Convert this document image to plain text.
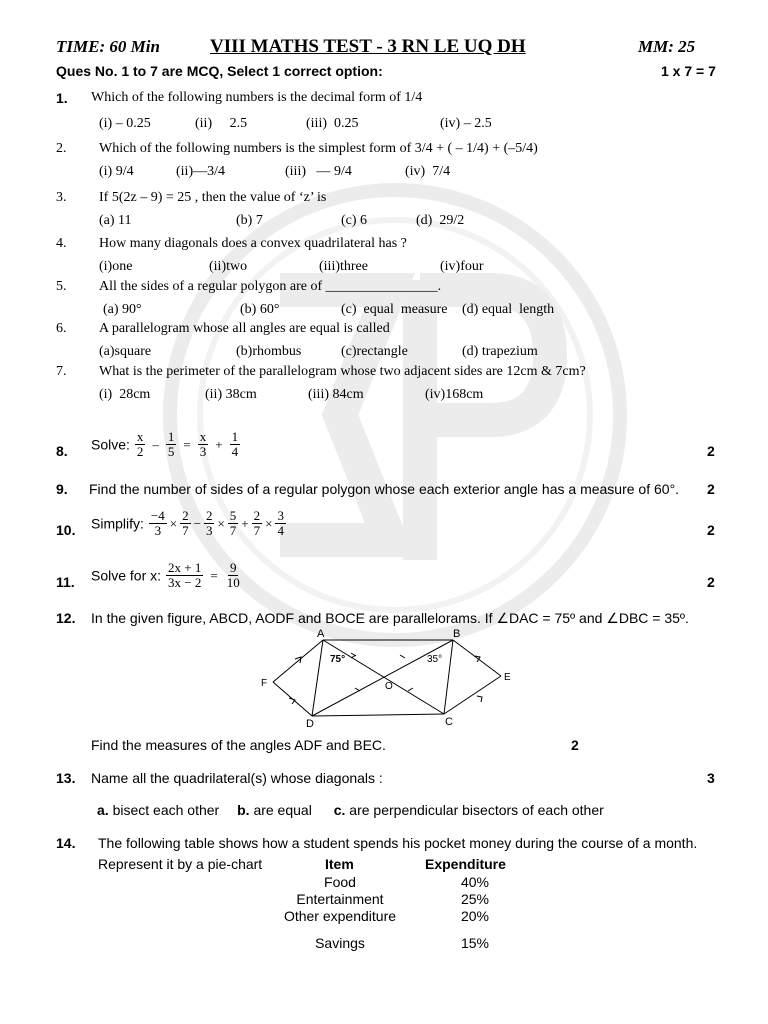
TIME: 60 Min	VIII MATHS TEST - 3 RN LE UQ DH	MM: 25
Ques No. 1 to 7 are MCQ, Select 1 correct option:	1 x 7 = 7
1. Which of the following numbers is the decimal form of 1/4
(i) – 0.25	(ii)     2.5	(iii)  0.25	(iv) – 2.5
2. Which of the following numbers is the simplest form of 3/4 + ( – 1/4) + (–5/4)
(i) 9/4	(ii)—3/4	(iii)   — 9/4	(iv)  7/4
3. If 5(2z – 9) = 25 , then the value of ‘z’ is
(a) 11	(b) 7	(c) 6	(d)  29/2
4. How many diagonals does a convex quadrilateral has ?
(i)one	(ii)two	(iii)three	(iv)four
5. All the sides of a regular polygon are of ________________.
(a) 90°	(b) 60°	(c)  equal  measure (d) equal  length
6. A parallelogram whose all angles are equal is called
(a)square	(b)rhombus	(c)rectangle	(d) trapezium
7. What is the perimeter of the parallelogram whose two adjacent sides are 12cm & 7cm?
(i)  28cm	(ii) 38cm	(iii) 84cm	(iv)168cm
8. Solve: $\frac{x}{2} - \frac{1}{5} = \frac{x}{3} + \frac{1}{4}$	2
9. Find the number of sides of a regular polygon whose each exterior angle has a measure of 60°. 2
10. Simplify: $\frac{-4}{3} \times \frac{2}{7} - \frac{2}{3} \times \frac{5}{7} + \frac{2}{7} \times \frac{3}{4}$	2
11. Solve for x: $\frac{2x + 1}{3x - 2} = \frac{9}{10}$	2
12. In the given figure, ABCD, AODF and BOCE are parallelorams. If ∠DAC = 75º and ∠DBC = 35º.
A	B
C
D
E
F	O
75°	35°
Find the measures of the angles ADF and BEC.	2
13. Name all the quadrilateral(s) whose diagonals :	3
a. bisect each other b. are equal c. are perpendicular bisectors of each other
14. The following table shows how a student spends his pocket money during the course of a month.
Represent it by a pie-chart	Item	Expenditure
Food	40%
Entertainment	25%
Other expenditure	20%
Savings	15%
